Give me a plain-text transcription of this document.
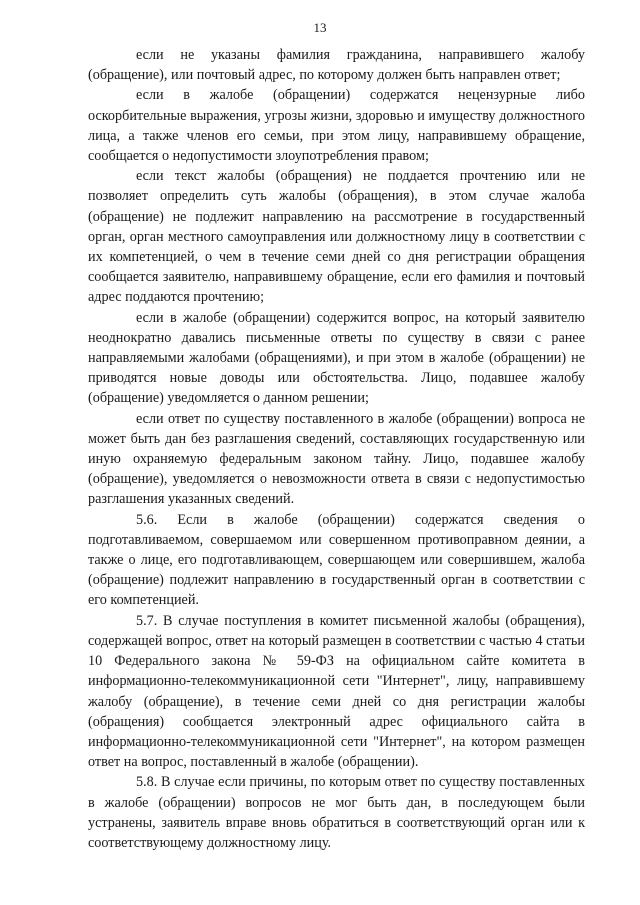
13

если не указаны фамилия гражданина, направившего жалобу (обращение), или почтовый адрес, по которому должен быть направлен ответ;

если в жалобе (обращении) содержатся нецензурные либо оскорбительные выражения, угрозы жизни, здоровью и имуществу должностного лица, а также членов его семьи, при этом лицу, направившему обращение, сообщается о недопустимости злоупотребления правом;

если текст жалобы (обращения) не поддается прочтению или не позволяет определить суть жалобы (обращения), в этом случае жалоба (обращение) не подлежит направлению на рассмотрение в государственный орган, орган местного самоуправления или должностному лицу в соответствии с их компетенцией, о чем в течение семи дней со дня регистрации обращения сообщается заявителю, направившему обращение, если его фамилия и почтовый адрес поддаются прочтению;

если в жалобе (обращении) содержится вопрос, на который заявителю неоднократно давались письменные ответы по существу в связи с ранее направляемыми жалобами (обращениями), и при этом в жалобе (обращении) не приводятся новые доводы или обстоятельства. Лицо, подавшее жалобу (обращение) уведомляется о данном решении;

если ответ по существу поставленного в жалобе (обращении) вопроса не может быть дан без разглашения сведений, составляющих государственную или иную охраняемую федеральным законом тайну. Лицо, подавшее жалобу (обращение), уведомляется о невозможности ответа в связи с недопустимостью разглашения указанных сведений.

5.6. Если в жалобе (обращении) содержатся сведения о подготавливаемом, совершаемом или совершенном противоправном деянии, а также о лице, его подготавливающем, совершающем или совершившем, жалоба (обращение) подлежит направлению в государственный орган в соответствии с его компетенцией.

5.7. В случае поступления в комитет письменной жалобы (обращения), содержащей вопрос, ответ на который размещен в соответствии с частью 4 статьи 10 Федерального закона № 59-ФЗ на официальном сайте комитета в информационно-телекоммуникационной сети "Интернет", лицу, направившему жалобу (обращение), в течение семи дней со дня регистрации жалобы (обращения) сообщается электронный адрес официального сайта в информационно-телекоммуникационной сети "Интернет", на котором размещен ответ на вопрос, поставленный в жалобе (обращении).

5.8. В случае если причины, по которым ответ по существу поставленных в жалобе (обращении) вопросов не мог быть дан, в последующем были устранены, заявитель вправе вновь обратиться в соответствующий орган или к соответствующему должностному лицу.
